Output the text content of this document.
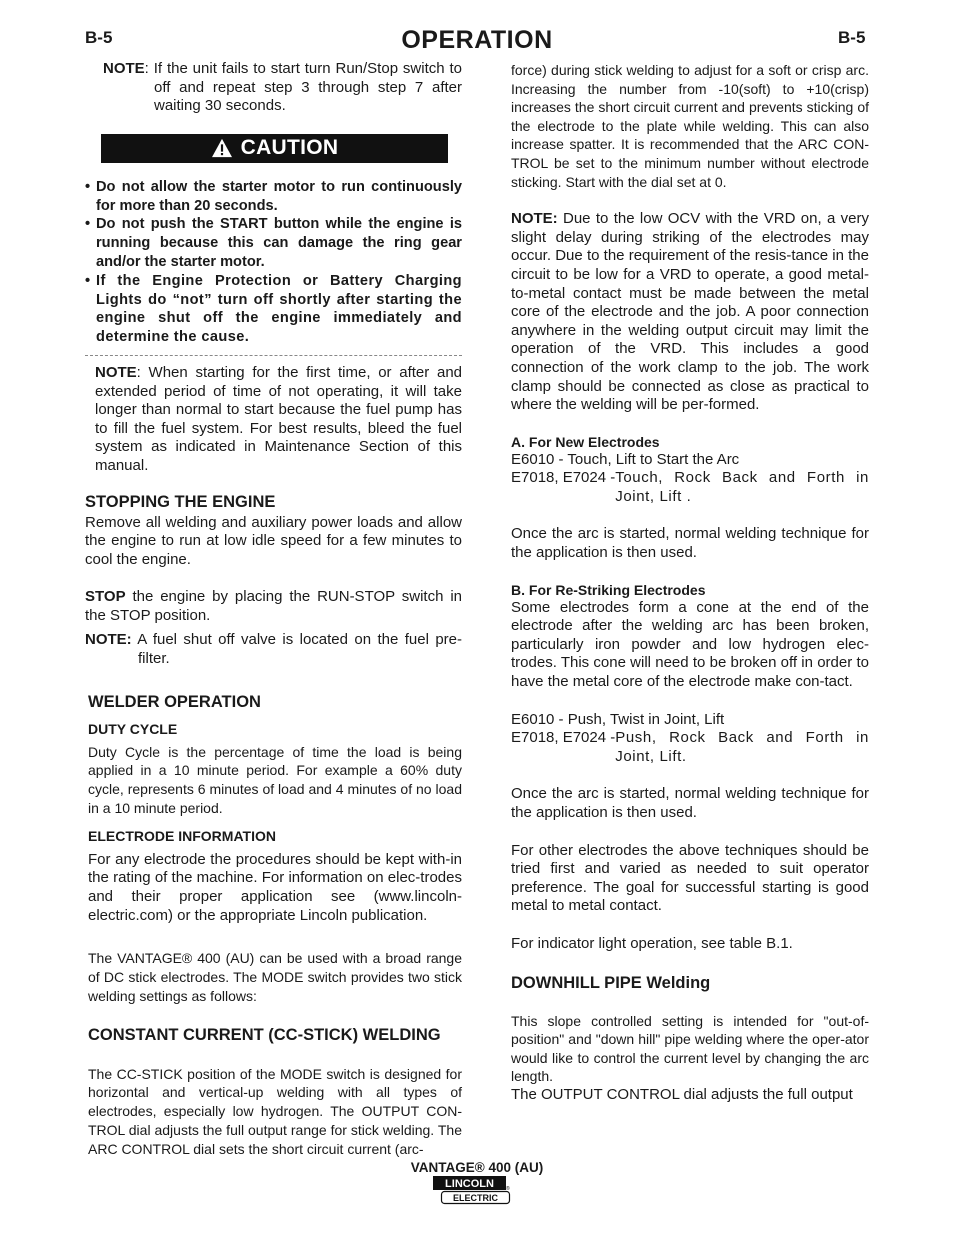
B-5	OPERATION	B-5

NOTE: If the unit fails to start turn Run/Stop switch to off and repeat step 3 through step 7 after waiting 30 seconds.

CAUTION
• Do not allow the starter motor to run continuously for more than 20 seconds.
• Do not push the START button while the engine is running because this can damage the ring gear and/or the starter motor.
• If the Engine Protection or Battery Charging Lights do “not” turn off shortly after starting the engine shut off the engine immediately and determine the cause.

NOTE: When starting for the first time, or after and extended period of time of not operating, it will take longer than normal to start because the fuel pump has to fill the fuel system. For best results, bleed the fuel system as indicated in Maintenance Section of this manual.

STOPPING THE ENGINE

Remove all welding and auxiliary power loads and allow the engine to run at low idle speed for a few minutes to cool the engine.

STOP the engine by placing the RUN-STOP switch in the STOP position.

NOTE: A fuel shut off valve is located on the fuel pre-filter.

WELDER OPERATION
DUTY CYCLE

Duty Cycle is the percentage of time the load is being applied in a 10 minute period. For example a 60% duty cycle, represents 6 minutes of load and 4 minutes of no load in a 10 minute period.

ELECTRODE INFORMATION

For any electrode the procedures should be kept with-in the rating of the machine. For information on elec-trodes and their proper application see (www.lincoln-electric.com) or the appropriate Lincoln publication.

The VANTAGE® 400 (AU) can be used with a broad range of DC stick electrodes. The MODE switch provides two stick welding settings as follows:

CONSTANT CURRENT (CC-STICK) WELDING

The CC-STICK position of the MODE switch is designed for horizontal and vertical-up welding with all types of electrodes, especially low hydrogen. The OUTPUT CON-TROL dial adjusts the full output range for stick welding. The ARC CONTROL dial sets the short circuit current (arc-

force) during stick welding to adjust for a soft or crisp arc. Increasing the number from -10(soft) to +10(crisp) increases the short circuit current and prevents sticking of the electrode to the plate while welding. This can also increase spatter. It is recommended that the ARC CON-TROL be set to the minimum number without electrode sticking. Start with the dial set at 0.

NOTE: Due to the low OCV with the VRD on, a very slight delay during striking of the electrodes may occur. Due to the requirement of the resis-tance in the circuit to be low for a VRD to operate, a good metal-to-metal contact must be made between the metal core of the electrode and the job. A poor connection anywhere in the welding output circuit may limit the operation of the VRD. This includes a good connection of the work clamp to the job. The work clamp should be connected as close as practical to where the welding will be per-formed.

A. For New Electrodes

E6010 - Touch, Lift to Start the Arc

E7018, E7024 - Touch, Rock Back and Forth in Joint, Lift .

Once the arc is started, normal welding technique for the application is then used.

B. For Re-Striking Electrodes

Some electrodes form a cone at the end of the electrode after the welding arc has been broken, particularly iron powder and low hydrogen elec-trodes. This cone will need to be broken off in order to have the metal core of the electrode make con-tact.

E6010 - Push, Twist in Joint, Lift

E7018, E7024 - Push, Rock Back and Forth in Joint, Lift.

Once the arc is started, normal welding technique for the application is then used.

For other electrodes the above techniques should be tried first and varied as needed to suit operator preference. The goal for successful starting is good metal to metal contact.

For indicator light operation, see table B.1.

DOWNHILL PIPE Welding

This slope controlled setting is intended for "out-of-position" and "down hill" pipe welding where the oper-ator would like to control the current level by changing the arc length.

The OUTPUT CONTROL dial adjusts the full output

VANTAGE® 400 (AU)
LINCOLN
ELECTRIC
®
